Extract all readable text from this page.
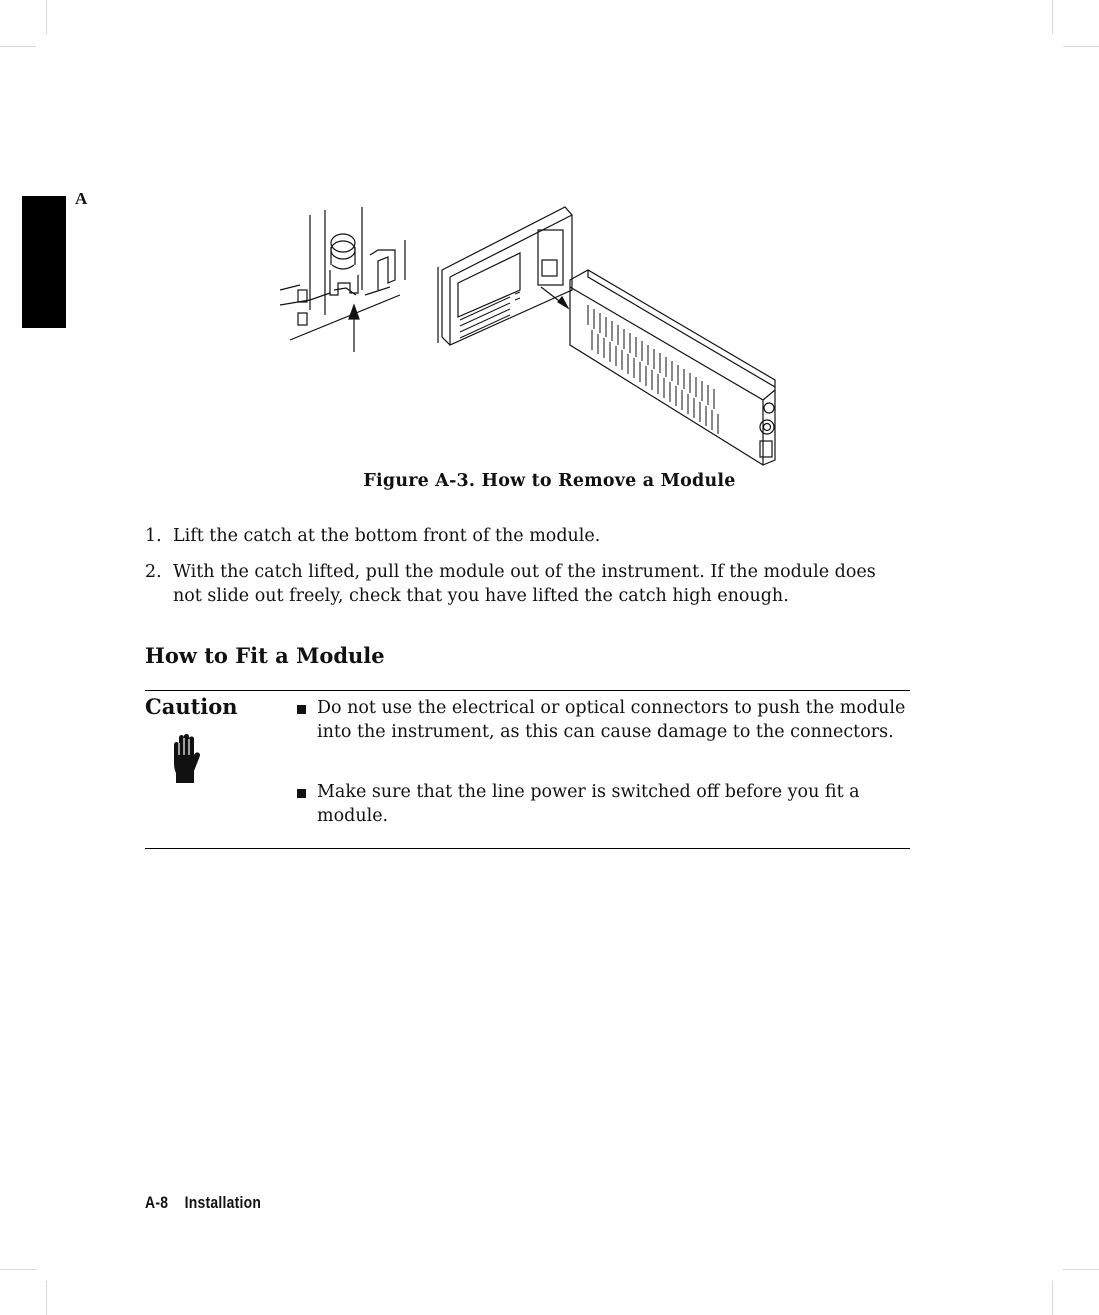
A
Figure A-3. How to Remove a Module
1. Lift the catch at the bottom front of the module.
2. With the catch lifted, pull the module out of the instrument. If the module does not slide out freely, check that you have lifted the catch high enough.
How to Fit a Module
Caution	Do not use the electrical or optical connectors to push the module into the instrument, as this can cause damage to the connectors.
Make sure that the line power is switched off before you fit a module.
A-8 Installation
